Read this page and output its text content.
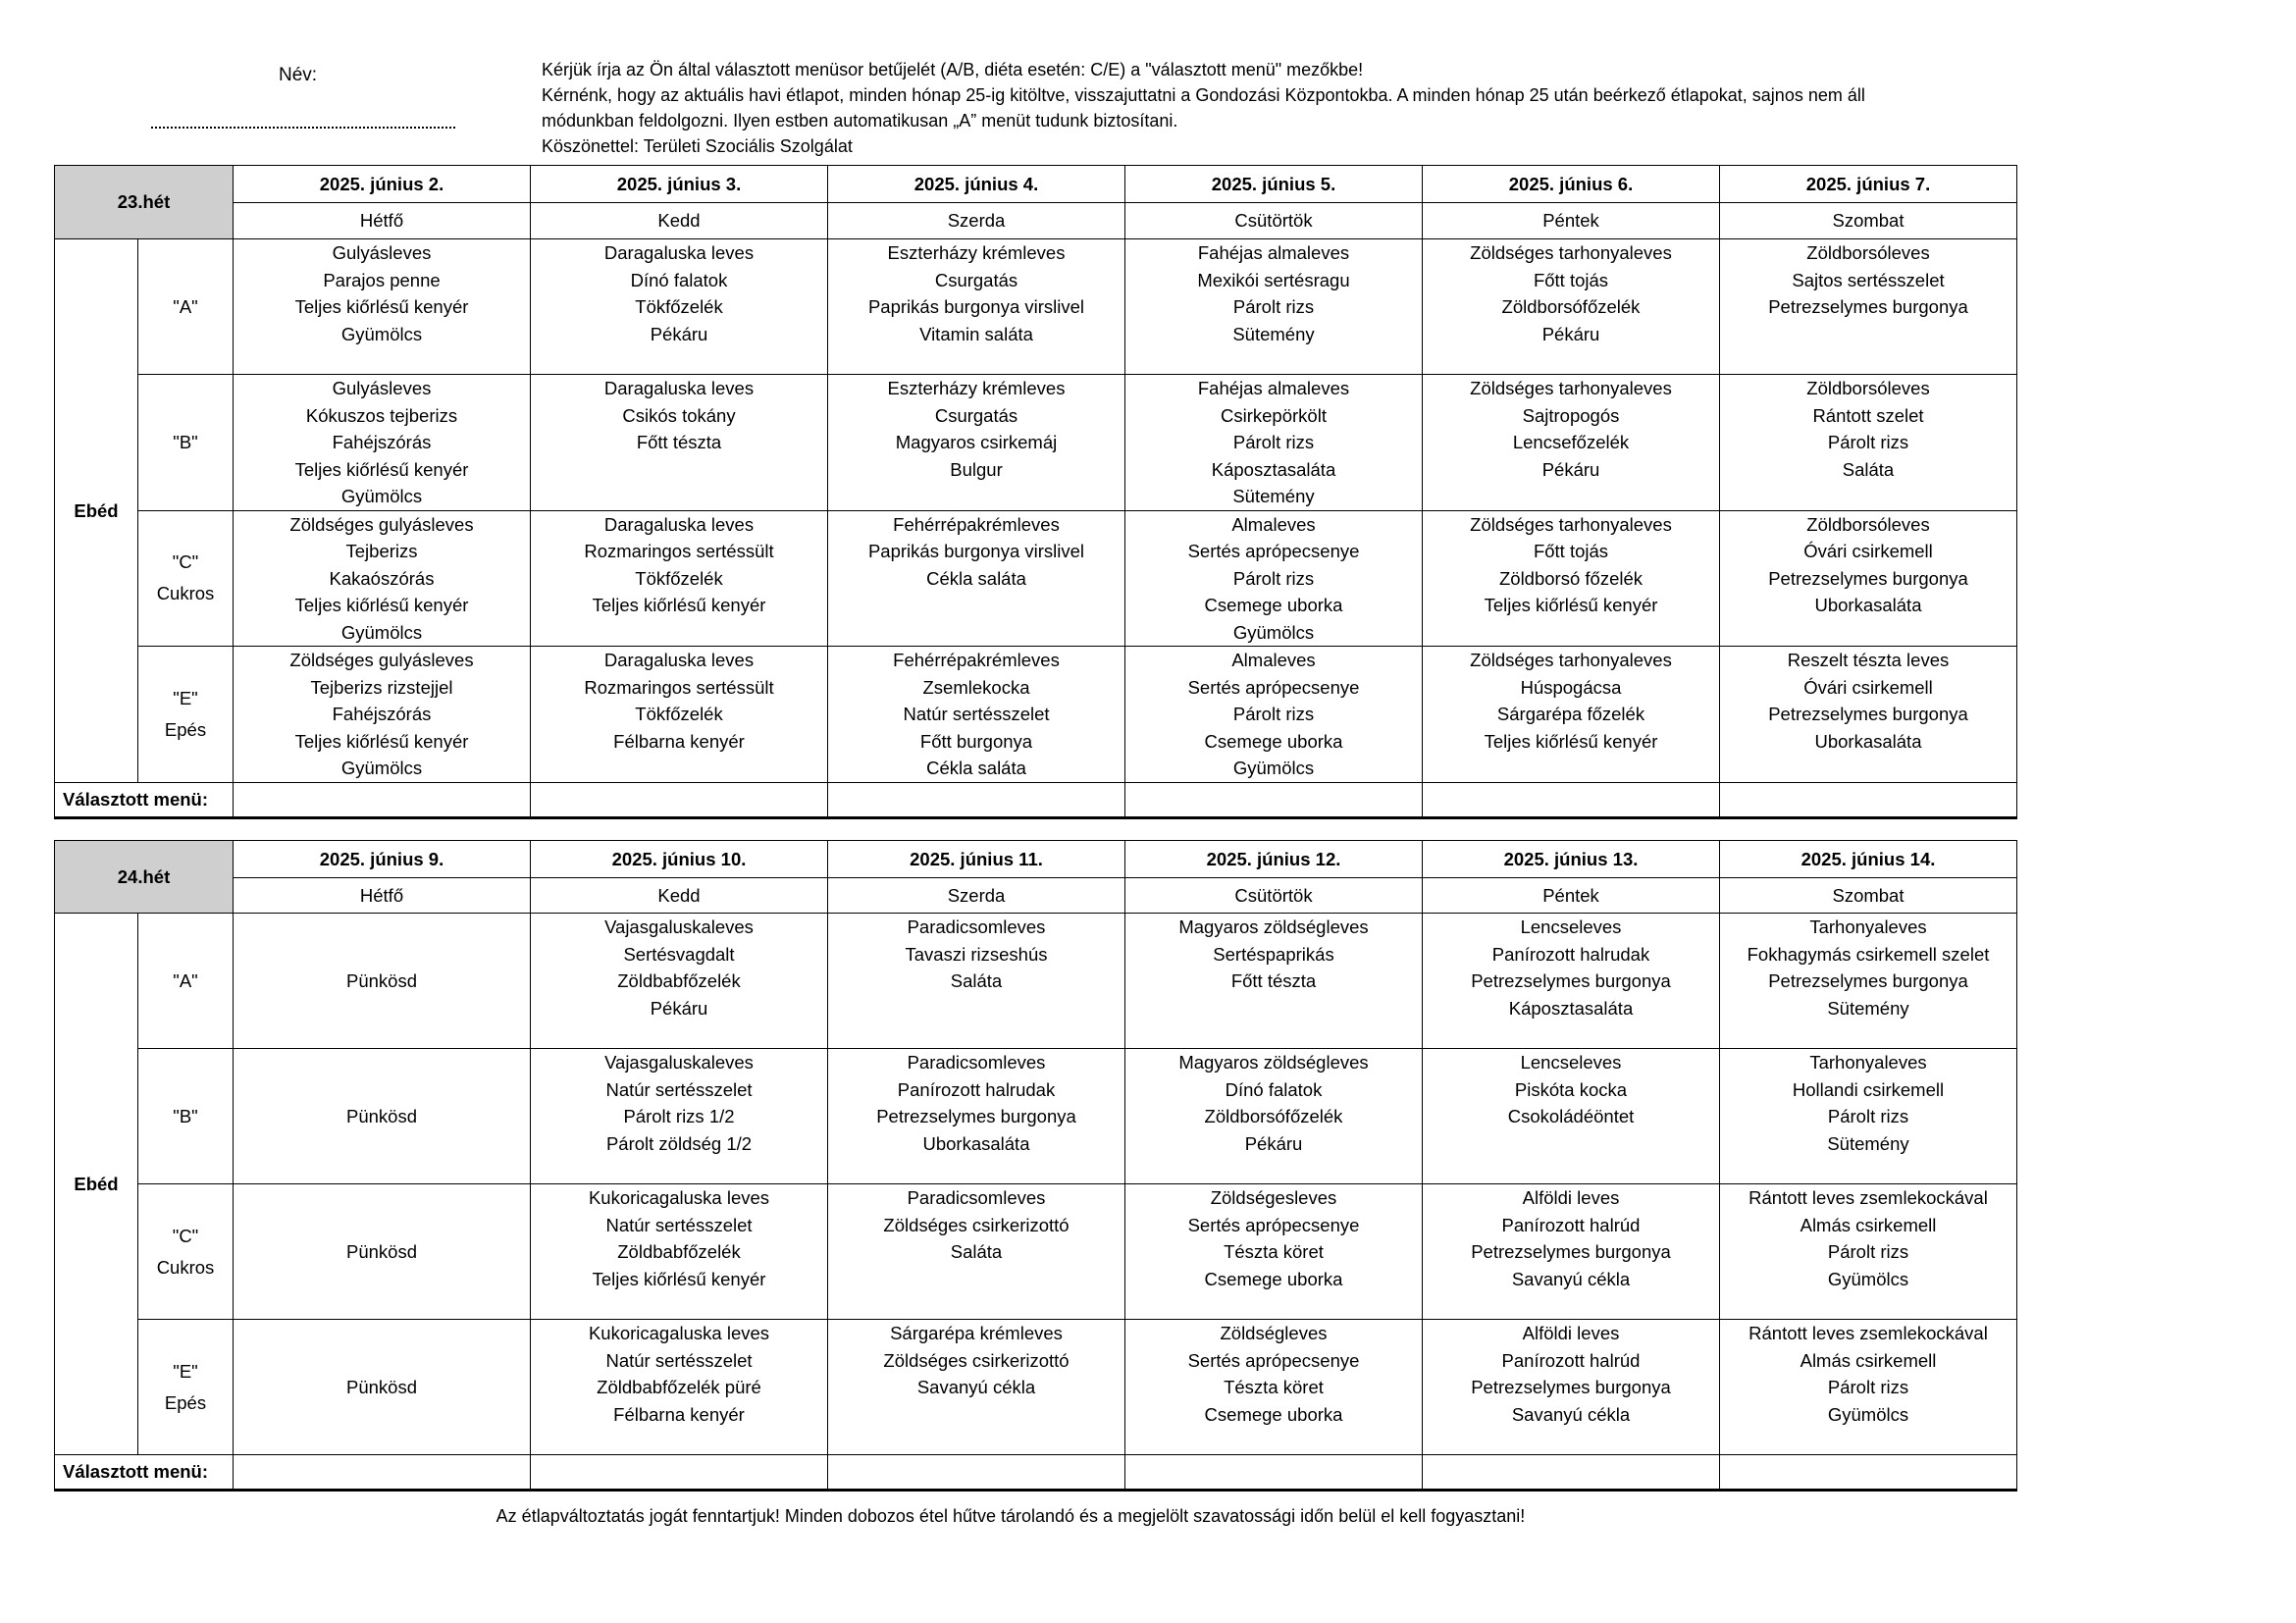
Név:	Kérjük írja az Ön által választott menüsor betűjelét (A/B, diéta esetén: C/E) a "választott menü" mezőkbe!
Kérnénk, hogy az aktuális havi étlapot, minden hónap 25-ig kitöltve, visszajuttatni a Gondozási Központokba. A minden hónap 25 után beérkező étlapokat, sajnos nem áll
módunkban feldolgozni. Ilyen estben automatikusan „A” menüt tudunk biztosítani.
Köszönettel: Területi Szociális Szolgálat
23.hét		2025. június 2.	2025. június 3.	2025. június 4.	2025. június 5.	2025. június 6.	2025. június 7.
		Hétfő	Kedd	Szerda	Csütörtök	Péntek	Szombat
Ebéd	"A"	Gulyásleves
Parajos penne
Teljes kiőrlésű kenyér
Gyümölcs	Daragaluska leves
Dínó falatok
Tökfőzelék
Pékáru	Eszterházy krémleves
Csurgatás
Paprikás burgonya virslivel
Vitamin saláta	Fahéjas almaleves
Mexikói sertésragu
Párolt rizs
Sütemény	Zöldséges tarhonyaleves
Főtt tojás
Zöldborsófőzelék
Pékáru	Zöldborsóleves
Sajtos sertésszelet
Petrezselymes burgonya

	"B"	Gulyásleves
Kókuszos tejberizs
Fahéjszórás
Teljes kiőrlésű kenyér
Gyümölcs	Daragaluska leves
Csikós tokány
Főtt tészta	Eszterházy krémleves
Csurgatás
Magyaros csirkemáj
Bulgur	Fahéjas almaleves
Csirkepörkölt
Párolt rizs
Káposztasaláta
Sütemény	Zöldséges tarhonyaleves
Sajtropogós
Lencsefőzelék
Pékáru	Zöldborsóleves
Rántott szelet
Párolt rizs
Saláta

	"C"
Cukros	Zöldséges gulyásleves
Tejberizs
Kakaószórás
Teljes kiőrlésű kenyér
Gyümölcs	Daragaluska leves
Rozmaringos sertéssült
Tökfőzelék
Teljes kiőrlésű kenyér	Fehérrépakrémleves
Paprikás burgonya virslivel
Cékla saláta	Almaleves
Sertés aprópecsenye
Párolt rizs
Csemege uborka
Gyümölcs	Zöldséges tarhonyaleves
Főtt tojás
Zöldborsó főzelék
Teljes kiőrlésű kenyér	Zöldborsóleves
Óvári csirkemell
Petrezselymes burgonya
Uborkasaláta

	"E"
Epés	Zöldséges gulyásleves
Tejberizs rizstejjel
Fahéjszórás
Teljes kiőrlésű kenyér
Gyümölcs	Daragaluska leves
Rozmaringos sertéssült
Tökfőzelék
Félbarna kenyér	Fehérrépakrémleves
Zsemlekocka
Natúr sertésszelet
Főtt burgonya
Cékla saláta	Almaleves
Sertés aprópecsenye
Párolt rizs
Csemege uborka
Gyümölcs	Zöldséges tarhonyaleves
Húspogácsa
Sárgarépa főzelék
Teljes kiőrlésű kenyér	Reszelt tészta leves
Óvári csirkemell
Petrezselymes burgonya
Uborkasaláta

Választott menü:							
24.hét		2025. június 9.	2025. június 10.	2025. június 11.	2025. június 12.	2025. június 13.	2025. június 14.
		Hétfő	Kedd	Szerda	Csütörtök	Péntek	Szombat
Ebéd	"A"	Pünkösd	Vajasgaluskaleves
Sertésvagdalt
Zöldbabfőzelék
Pékáru	Paradicsomleves
Tavaszi rizseshús
Saláta	Magyaros zöldségleves
Sertéspaprikás
Főtt tészta	Lencseleves
Panírozott halrudak
Petrezselymes burgonya
Káposztasaláta	Tarhonyaleves
Fokhagymás csirkemell szelet
Petrezselymes burgonya
Sütemény

	"B"	Pünkösd	Vajasgaluskaleves
Natúr sertésszelet
Párolt rizs 1/2
Párolt zöldség 1/2	Paradicsomleves
Panírozott halrudak
Petrezselymes burgonya
Uborkasaláta	Magyaros zöldségleves
Dínó falatok
Zöldborsófőzelék
Pékáru	Lencseleves
Piskóta kocka
Csokoládéöntet	Tarhonyaleves
Hollandi csirkemell
Párolt rizs
Sütemény

	"C"
Cukros	Pünkösd	Kukoricagaluska leves
Natúr sertésszelet
Zöldbabfőzelék
Teljes kiőrlésű kenyér	Paradicsomleves
Zöldséges csirkerizottó
Saláta	Zöldségesleves
Sertés aprópecsenye
Tészta köret
Csemege uborka	Alföldi leves
Panírozott halrúd
Petrezselymes burgonya
Savanyú cékla	Rántott leves zsemlekockával
Almás csirkemell
Párolt rizs
Gyümölcs

	"E"
Epés	Pünkösd	Kukoricagaluska leves
Natúr sertésszelet
Zöldbabfőzelék püré
Félbarna kenyér	Sárgarépa krémleves
Zöldséges csirkerizottó
Savanyú cékla	Zöldségleves
Sertés aprópecsenye
Tészta köret
Csemege uborka	Alföldi leves
Panírozott halrúd
Petrezselymes burgonya
Savanyú cékla	Rántott leves zsemlekockával
Almás csirkemell
Párolt rizs
Gyümölcs

Választott menü:							
Az étlapváltoztatás jogát fenntartjuk! Minden dobozos étel hűtve tárolandó és a megjelölt szavatossági időn belül el kell fogyasztani!
